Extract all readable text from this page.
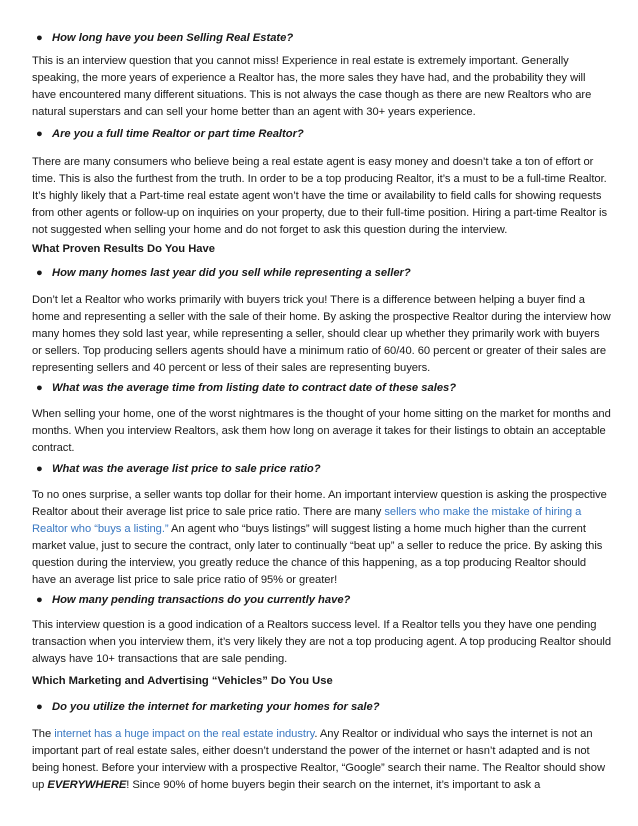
● How long have you been Selling Real Estate?

This is an interview question that you cannot miss! Experience in real estate is extremely important. Generally speaking, the more years of experience a Realtor has, the more sales they have had, and the probability they will have encountered many different situations. This is not always the case though as there are new Realtors who are natural superstars and can sell your home better than an agent with 30+ years experience.

● Are you a full time Realtor or part time Realtor?

There are many consumers who believe being a real estate agent is easy money and doesn’t take a ton of effort or time. This is also the furthest from the truth. In order to be a top producing Realtor, it’s a must to be a full-time Realtor. It’s highly likely that a Part-time real estate agent won’t have the time or availability to field calls for showing requests from other agents or follow-up on inquiries on your property, due to their full-time position. Hiring a part-time Realtor is not suggested when selling your home and do not forget to ask this question during the interview.

What Proven Results Do You Have

● How many homes last year did you sell while representing a seller?

Don’t let a Realtor who works primarily with buyers trick you! There is a difference between helping a buyer find a home and representing a seller with the sale of their home. By asking the prospective Realtor during the interview how many homes they sold last year, while representing a seller, should clear up whether they primarily work with buyers or sellers. Top producing sellers agents should have a minimum ratio of 60/40. 60 percent or greater of their sales are representing sellers and 40 percent or less of their sales are representing buyers.

● What was the average time from listing date to contract date of these sales?

When selling your home, one of the worst nightmares is the thought of your home sitting on the market for months and months. When you interview Realtors, ask them how long on average it takes for their listings to obtain an acceptable contract.

● What was the average list price to sale price ratio?

To no ones surprise, a seller wants top dollar for their home. An important interview question is asking the prospective Realtor about their average list price to sale price ratio. There are many sellers who make the mistake of hiring a Realtor who “buys a listing.” An agent who “buys listings” will suggest listing a home much higher than the current market value, just to secure the contract, only later to continually “beat up” a seller to reduce the price. By asking this question during the interview, you greatly reduce the chance of this happening, as a top producing Realtor should have an average list price to sale price ratio of 95% or greater!

● How many pending transactions do you currently have?

This interview question is a good indication of a Realtors success level. If a Realtor tells you they have one pending transaction when you interview them, it’s very likely they are not a top producing agent. A top producing Realtor should always have 10+ transactions that are sale pending.

Which Marketing and Advertising “Vehicles” Do You Use

● Do you utilize the internet for marketing your homes for sale?

The internet has a huge impact on the real estate industry. Any Realtor or individual who says the internet is not an important part of real estate sales, either doesn’t understand the power of the internet or hasn’t adapted and is not being honest. Before your interview with a prospective Realtor, “Google” search their name. The Realtor should show up EVERYWHERE! Since 90% of home buyers begin their search on the internet, it’s important to ask a
